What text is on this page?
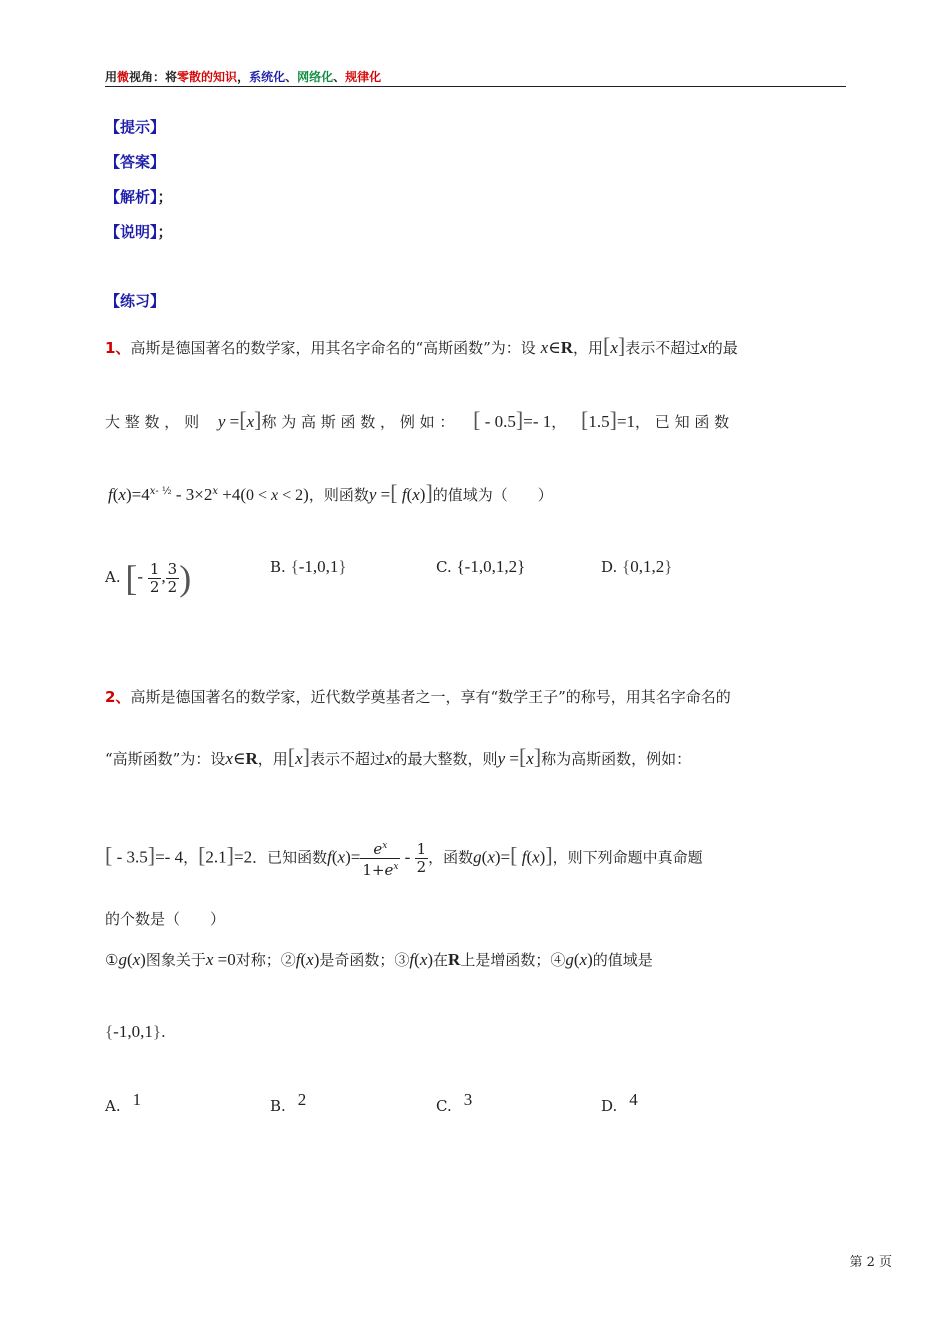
用微视角：将零散的知识，系统化、网络化、规律化
【提示】
【答案】
【解析】；
【说明】；
【练习】
1、高斯是德国著名的数学家，用其名字命名的“高斯函数”为：设 x∈R，用[x]表示不超过x的最
大 整 数 ， 则 y =[x]称 为 高 斯 函 数 ， 例 如 ： [ - 0.5]=- 1， [1.5]=1， 已 知 函 数
$f(x)=4^{x- \frac{1}{2}} - 3\times 2^x +4(0 < x < 2)$，则函数y =[ f(x)]的值域为（　　）
A. [- $\frac{1}{2}$ , $\frac{3}{2}$ )	B. {-1,0,1}	C. {-1,0,1,2}	D. {0,1,2}
2、高斯是德国著名的数学家，近代数学奠基者之一，享有“数学王子”的称号，用其名字命名的
“高斯函数”为：设x∈R，用[x]表示不超过x的最大整数，则y =[x]称为高斯函数，例如：
[ - 3.5]=- 4，[2.1]=2．已知函数$f(x)= \frac{e^x}{1+e^x} - \frac{1}{2}$ ，函数g(x)=[ f(x)]，则下列命题中真命题
的个数是（　　）
①g(x)图象关于x =0对称；②f(x)是奇函数；③f(x)在R上是增函数；④g(x)的值域是
{-1,0,1}.
A. $^1$	B. $^2$	C. $^3$	D. $^4$
第 2 页
